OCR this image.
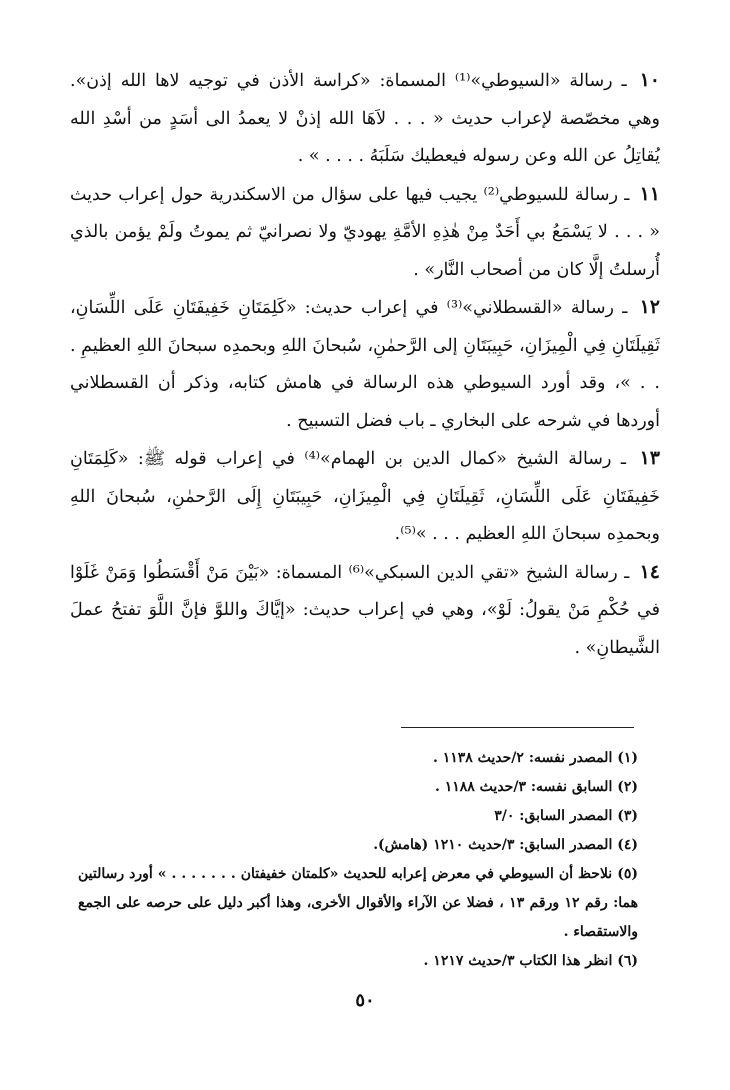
١٠ ـ رسالة «السيوطي»⁽¹⁾ المسماة: «كراسة الأذن في توجيه لاها الله إذن». وهي مخصّصة لإعراب حديث « . . . لاَهَا الله إذنْ لا يعمدُ الى أسَدٍ من أسْدِ الله يُقاتِلُ عن الله وعن رسوله فيعطيك سَلَبَهُ . . . . » .

١١ ـ رسالة للسيوطي⁽²⁾ يجيب فيها على سؤال من الاسكندرية حول إعراب حديث « . . . لا يَسْمَعُ بي أَحَدٌ مِنْ هٰذِهِ الأمَّةِ يهوديّ ولا نصرانيّ ثم يموتُ ولَمْ يؤمن بالذي أُرسلتُ إلَّا كان من أصحاب النَّار» .

١٢ ـ رسالة «القسطلاني»⁽³⁾ في إعراب حديث: «كَلِمَتَانِ خَفِيفَتَانِ عَلَى اللِّسَانِ، ثَقِيلَتَانِ فِي الْمِيزَانِ، حَبِيبَتَانِ إلى الرَّحمٰنِ، سُبحانَ اللهِ وبحمدِه سبحانَ اللهِ العظيمِ . . . »، وقد أورد السيوطي هذه الرسالة في هامش كتابه، وذكر أن القسطلاني أوردها في شرحه على البخاري ـ باب فضل التسبيح .

١٣ ـ رسالة الشيخ «كمال الدين بن الهمام»⁽⁴⁾ في إعراب قوله ﷺ: «كَلِمَتَانِ خَفِيفَتَانِ عَلَى اللِّسَانِ، ثَقِيلَتَانِ فِي الْمِيزَانِ، حَبِيبَتَانِ إِلَى الرَّحمٰنِ، سُبحانَ اللهِ وبحمدِه سبحانَ اللهِ العظيم . . . »⁽⁵⁾.

١٤ ـ رسالة الشيخ «تقي الدين السبكي»⁽⁶⁾ المسماة: «بَيْنَ مَنْ أَقْسَطُوا وَمَنْ غَلَوْا في حُكْمِ مَنْ يقولُ: لَوْ»، وهي في إعراب حديث: «إيَّاكَ واللوَّ فإنَّ اللَّوَ تفتحُ عملَ الشَّيطانِ» .

(١) المصدر نفسه: ٢/حديث ١١٣٨ .

(٢) السابق نفسه: ٣/حديث ١١٨٨ .

(٣) المصدر السابق: ٣/٠

(٤) المصدر السابق: ٣/حديث ١٢١٠ (هامش).

(٥) نلاحظ أن السيوطي في معرض إعرابه للحديث «كلمتان خفيفتان . . . . . . . » أورد رسالتين هما: رقم ١٢ ورقم ١٣ ، فضلا عن الآراء والأقوال الأخرى، وهذا أكبر دليل على حرصه على الجمع والاستقصاء .

(٦) انظر هذا الكتاب ٣/حديث ١٢١٧ .

٥٠
